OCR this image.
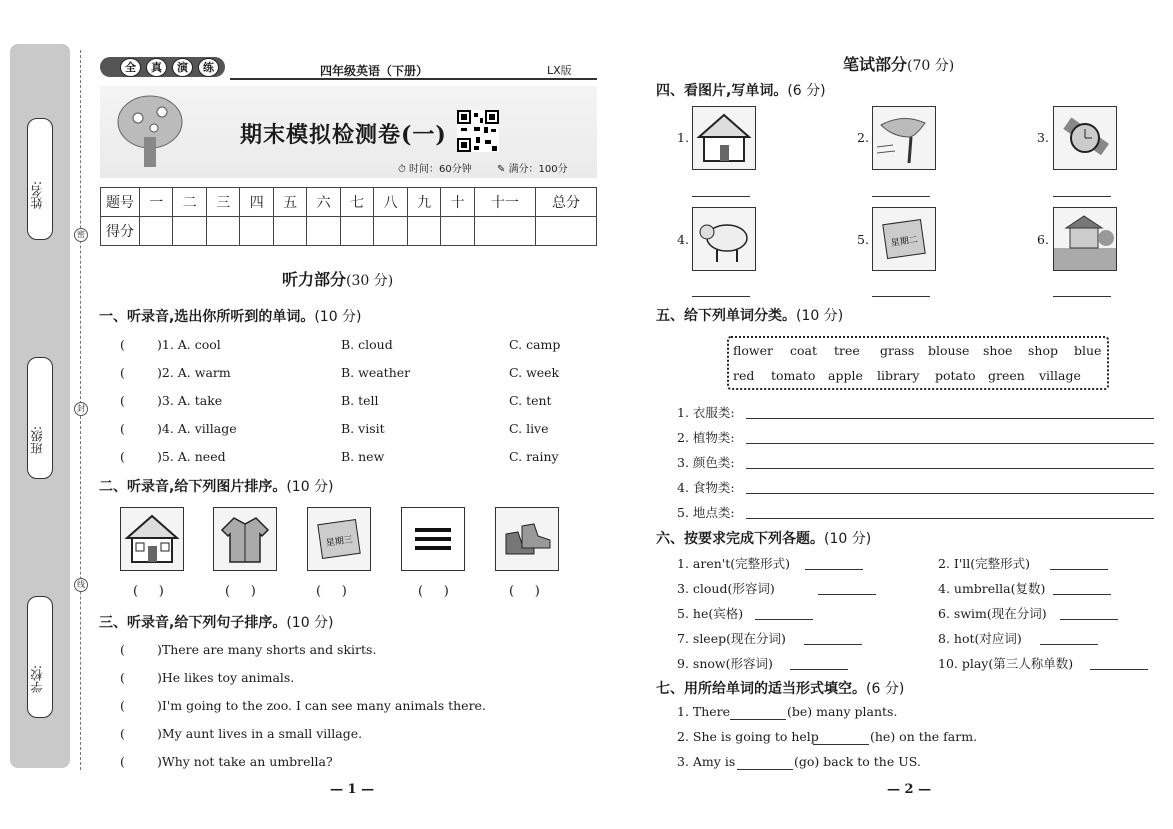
姓名:
班级:
学校:
密
封
线
全	真	演	练	四年级英语（下册）	LX版
期末模拟检测卷(一)
⏱ 时间：60分钟	✎ 满分：100分
题号	一	二	三	四	五	六	七	八	九	十	十一	总分
得分												
听力部分(30 分)
一、听录音,选出你所听到的单词。(10 分)
(	)1. A. cool	B. cloud	C. camp
(	)2. A. warm	B. weather	C. week
(	)3. A. take	B. tell	C. tent
(	)4. A. village	B. visit	C. live
(	)5. A. need	B. new	C. rainy
二、听录音,给下列图片排序。(10 分)
星期三
(     )	(     )	(     )	(     )	(     )
三、听录音,给下列句子排序。(10 分)
(	)There are many shorts and skirts.
(	)He likes toy animals.
(	)I'm going to the zoo. I can see many animals there.
(	)My aunt lives in a small village.
(	)Why not take an umbrella?
— 1 —
笔试部分(70 分)
四、看图片,写单词。(6 分)
1.	2.	3.
4.	5. 星期二	6.
五、给下列单词分类。(10 分)
flower coat tree grass blouse shoe shop blue
red tomato apple library potato green village
1. 衣服类:
2. 植物类:
3. 颜色类:
4. 食物类:
5. 地点类:
六、按要求完成下列各题。(10 分)
1. aren't(完整形式)	2. I'll(完整形式)
3. cloud(形容词)	4. umbrella(复数)
5. he(宾格)	6. swim(现在分词)
7. sleep(现在分词)	8. hot(对应词)
9. snow(形容词)	10. play(第三人称单数)
七、用所给单词的适当形式填空。(6 分)
1. There	(be) many plants.
2. She is going to help	(he) on the farm.
3. Amy is	(go) back to the US.
— 2 —
